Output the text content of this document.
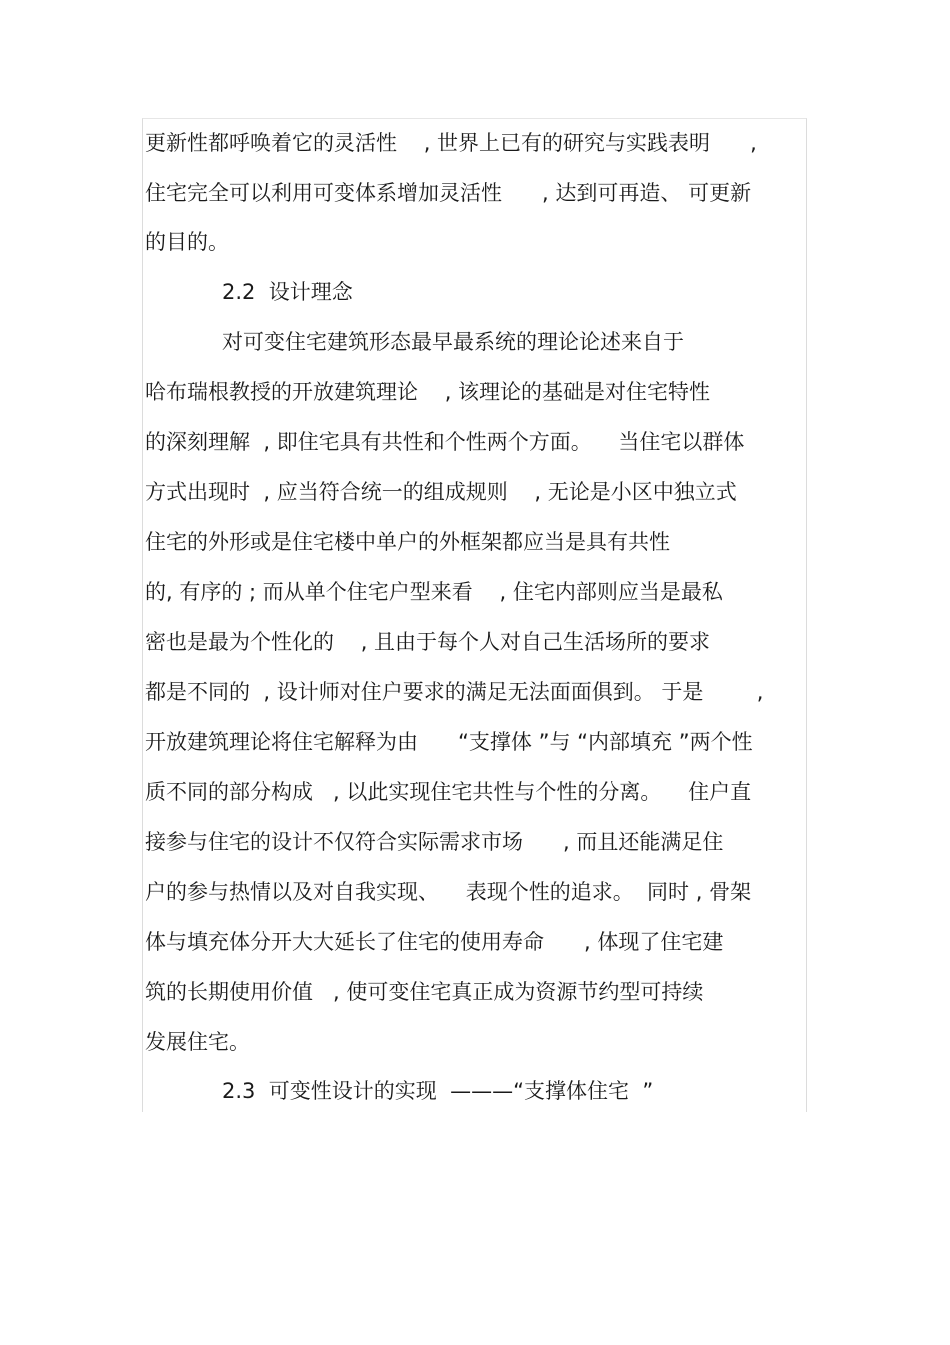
更新性都呼唤着它的灵活性    , 世界上已有的研究与实践表明      ,

住宅完全可以利用可变体系增加灵活性      , 达到可再造、 可更新

的目的。

2.2  设计理念

对可变住宅建筑形态最早最系统的理论论述来自于

哈布瑞根教授的开放建筑理论    , 该理论的基础是对住宅特性

的深刻理解  , 即住宅具有共性和个性两个方面。    当住宅以群体

方式出现时  , 应当符合统一的组成规则    , 无论是小区中独立式

住宅的外形或是住宅楼中单户的外框架都应当是具有共性

的, 有序的 ; 而从单个住宅户型来看    , 住宅内部则应当是最私

密也是最为个性化的    , 且由于每个人对自己生活场所的要求

都是不同的  , 设计师对住户要求的满足无法面面俱到。 于是        ,

开放建筑理论将住宅解释为由      “支撑体 ”与 “内部填充 ”两个性

质不同的部分构成   , 以此实现住宅共性与个性的分离。    住户直

接参与住宅的设计不仅符合实际需求市场      , 而且还能满足住

户的参与热情以及对自我实现、    表现个性的追求。  同时 , 骨架

体与填充体分开大大延长了住宅的使用寿命      , 体现了住宅建

筑的长期使用价值   , 使可变住宅真正成为资源节约型可持续

发展住宅。

2.3  可变性设计的实现  ———“支撑体住宅  ”
